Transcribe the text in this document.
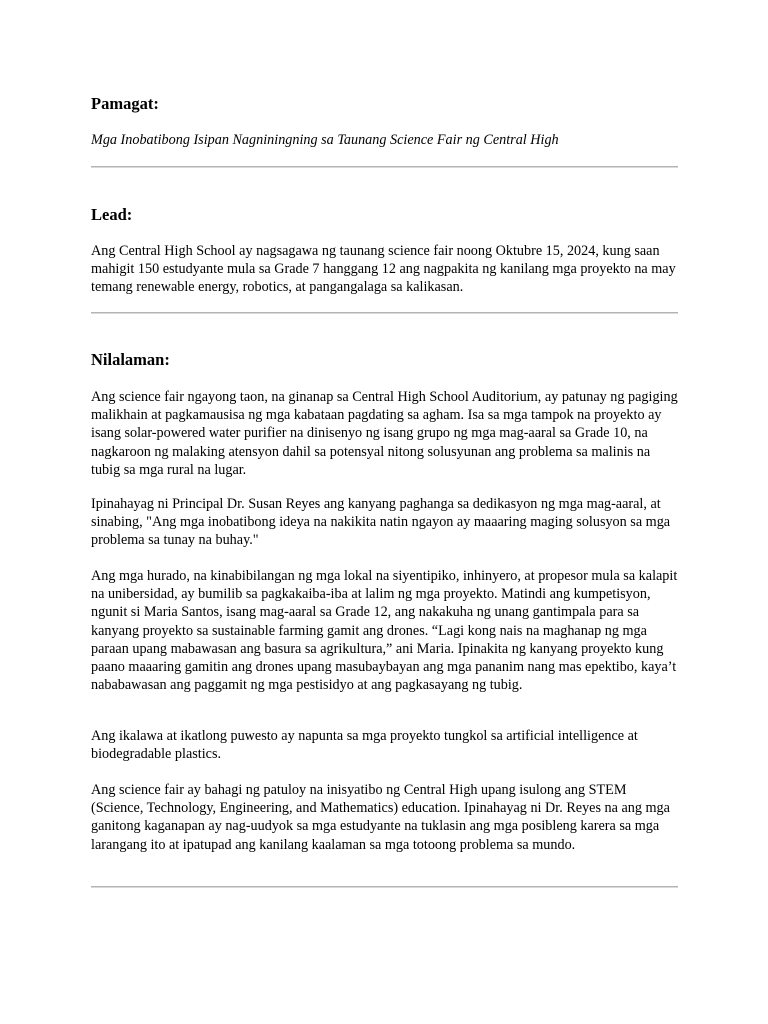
Pamagat:

Mga Inobatibong Isipan Nagniningning sa Taunang Science Fair ng Central High

Lead:

Ang Central High School ay nagsagawa ng taunang science fair noong Oktubre 15, 2024, kung saan mahigit 150 estudyante mula sa Grade 7 hanggang 12 ang nagpakita ng kanilang mga proyekto na may temang renewable energy, robotics, at pangangalaga sa kalikasan.

Nilalaman:

Ang science fair ngayong taon, na ginanap sa Central High School Auditorium, ay patunay ng pagiging malikhain at pagkamausisa ng mga kabataan pagdating sa agham. Isa sa mga tampok na proyekto ay isang solar-powered water purifier na dinisenyo ng isang grupo ng mga mag-aaral sa Grade 10, na nagkaroon ng malaking atensyon dahil sa potensyal nitong solusyunan ang problema sa malinis na tubig sa mga rural na lugar.

Ipinahayag ni Principal Dr. Susan Reyes ang kanyang paghanga sa dedikasyon ng mga mag-aaral, at sinabing, "Ang mga inobatibong ideya na nakikita natin ngayon ay maaaring maging solusyon sa mga problema sa tunay na buhay."

Ang mga hurado, na kinabibilangan ng mga lokal na siyentipiko, inhinyero, at propesor mula sa kalapit na unibersidad, ay bumilib sa pagkakaiba-iba at lalim ng mga proyekto. Matindi ang kumpetisyon, ngunit si Maria Santos, isang mag-aaral sa Grade 12, ang nakakuha ng unang gantimpala para sa kanyang proyekto sa sustainable farming gamit ang drones. “Lagi kong nais na maghanap ng mga paraan upang mabawasan ang basura sa agrikultura,” ani Maria. Ipinakita ng kanyang proyekto kung paano maaaring gamitin ang drones upang masubaybayan ang mga pananim nang mas epektibo, kaya’t nababawasan ang paggamit ng mga pestisidyo at ang pagkasayang ng tubig.

Ang ikalawa at ikatlong puwesto ay napunta sa mga proyekto tungkol sa artificial intelligence at biodegradable plastics.

Ang science fair ay bahagi ng patuloy na inisyatibo ng Central High upang isulong ang STEM (Science, Technology, Engineering, and Mathematics) education. Ipinahayag ni Dr. Reyes na ang mga ganitong kaganapan ay nag-uudyok sa mga estudyante na tuklasin ang mga posibleng karera sa mga larangang ito at ipatupad ang kanilang kaalaman sa mga totoong problema sa mundo.
